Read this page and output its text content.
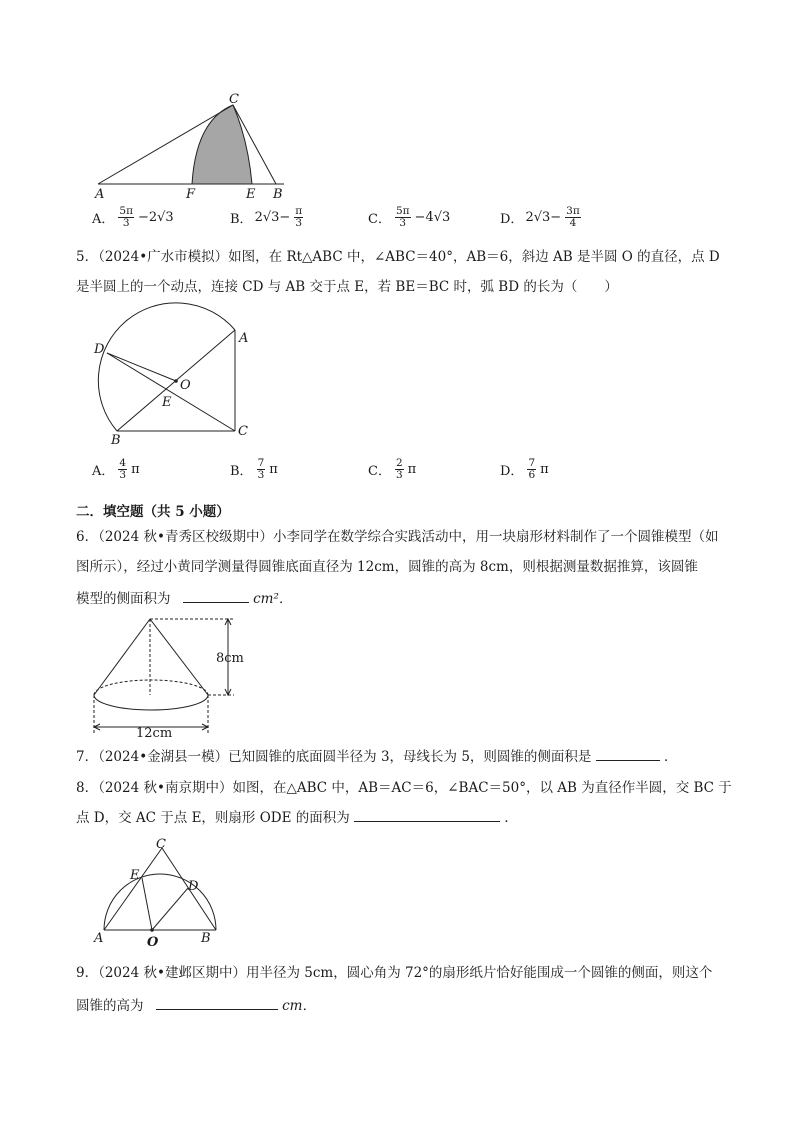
C
A	F	E B
A． $\frac{5\pi}{3} -2√3$	B． $2√3- \frac{\pi}{3}$	C． $\frac{5\pi}{3} -4√3$	D． $2√3- \frac{3\pi}{4}$
5．（2024•广水市模拟）如图，在 Rt△ABC 中，∠ABC＝40°，AB＝6，斜边 AB 是半圆 O 的直径，点 D
是半圆上的一个动点，连接 CD 与 AB 交于点 E，若 BE＝BC 时，弧 BD 的长为（　　）
D
A
O
E
B
C
A． $\frac{4}{3}$ π	B． $\frac{7}{3}$ π	C． $\frac{2}{3}$ π	D． $\frac{7}{6}$ π
二．填空题（共 5 小题）
6．（2024 秋•青秀区校级期中）小李同学在数学综合实践活动中，用一块扇形材料制作了一个圆锥模型（如
图所示），经过小黄同学测量得圆锥底面直径为 12cm，圆锥的高为 8cm，则根据测量数据推算，该圆锥
模型的侧面积为	cm²．
8cm
12cm
7．（2024•金湖县一模）已知圆锥的底面圆半径为 3，母线长为 5，则圆锥的侧面积是	．
8．（2024 秋•南京期中）如图，在△ABC 中，AB＝AC＝6，∠BAC＝50°，以 AB 为直径作半圆，交 BC 于
点 D，交 AC 于点 E，则扇形 ODE 的面积为	．
C
E
D
A	O	B
9．（2024 秋•建邺区期中）用半径为 5cm，圆心角为 72°的扇形纸片恰好能围成一个圆锥的侧面，则这个
圆锥的高为	cm．
